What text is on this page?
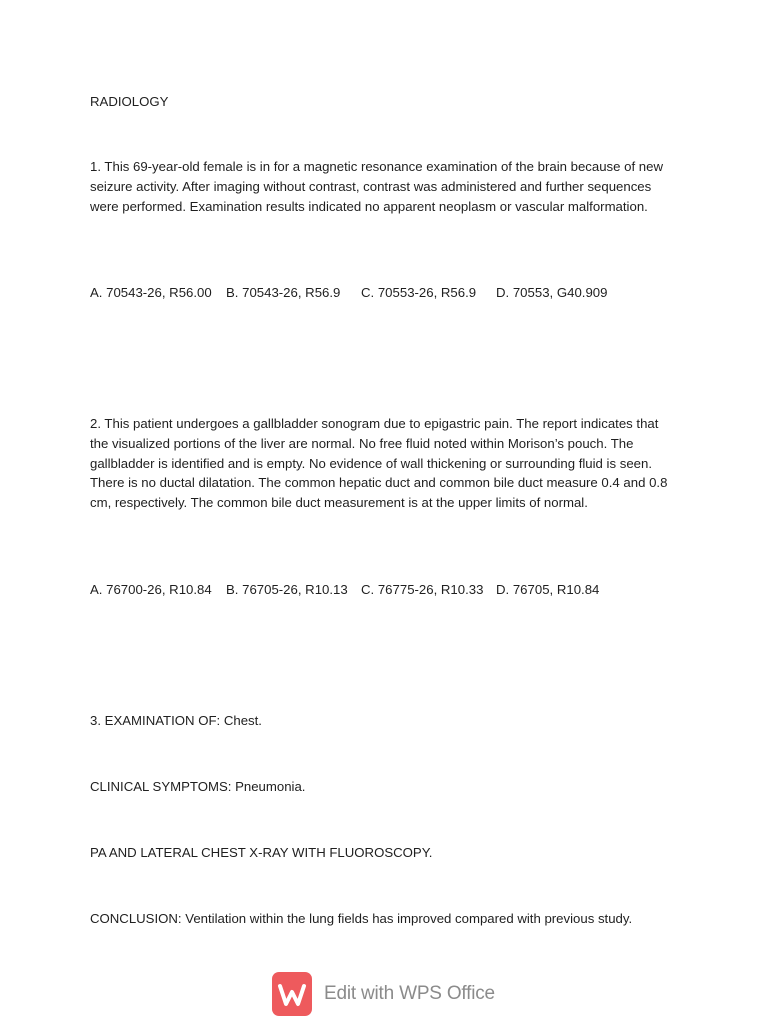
RADIOLOGY
1. This 69-year-old female is in for a magnetic resonance examination of the brain because of new seizure activity. After imaging without contrast, contrast was administered and further sequences were performed. Examination results indicated no apparent neoplasm or vascular malformation.
A. 70543-26, R56.00 B. 70543-26, R56.9 C. 70553-26, R56.9 D. 70553, G40.909
2. This patient undergoes a gallbladder sonogram due to epigastric pain. The report indicates that the visualized portions of the liver are normal. No free fluid noted within Morison’s pouch. The gallbladder is identified and is empty. No evidence of wall thickening or surrounding fluid is seen. There is no ductal dilatation. The common hepatic duct and common bile duct measure 0.4 and 0.8 cm, respectively. The common bile duct measurement is at the upper limits of normal.
A. 76700-26, R10.84 B. 76705-26, R10.13 C. 76775-26, R10.33 D. 76705, R10.84
3. EXAMINATION OF: Chest.
CLINICAL SYMPTOMS: Pneumonia.
PA AND LATERAL CHEST X-RAY WITH FLUOROSCOPY.
CONCLUSION: Ventilation within the lung fields has improved compared with previous study.
Edit with WPS Office
